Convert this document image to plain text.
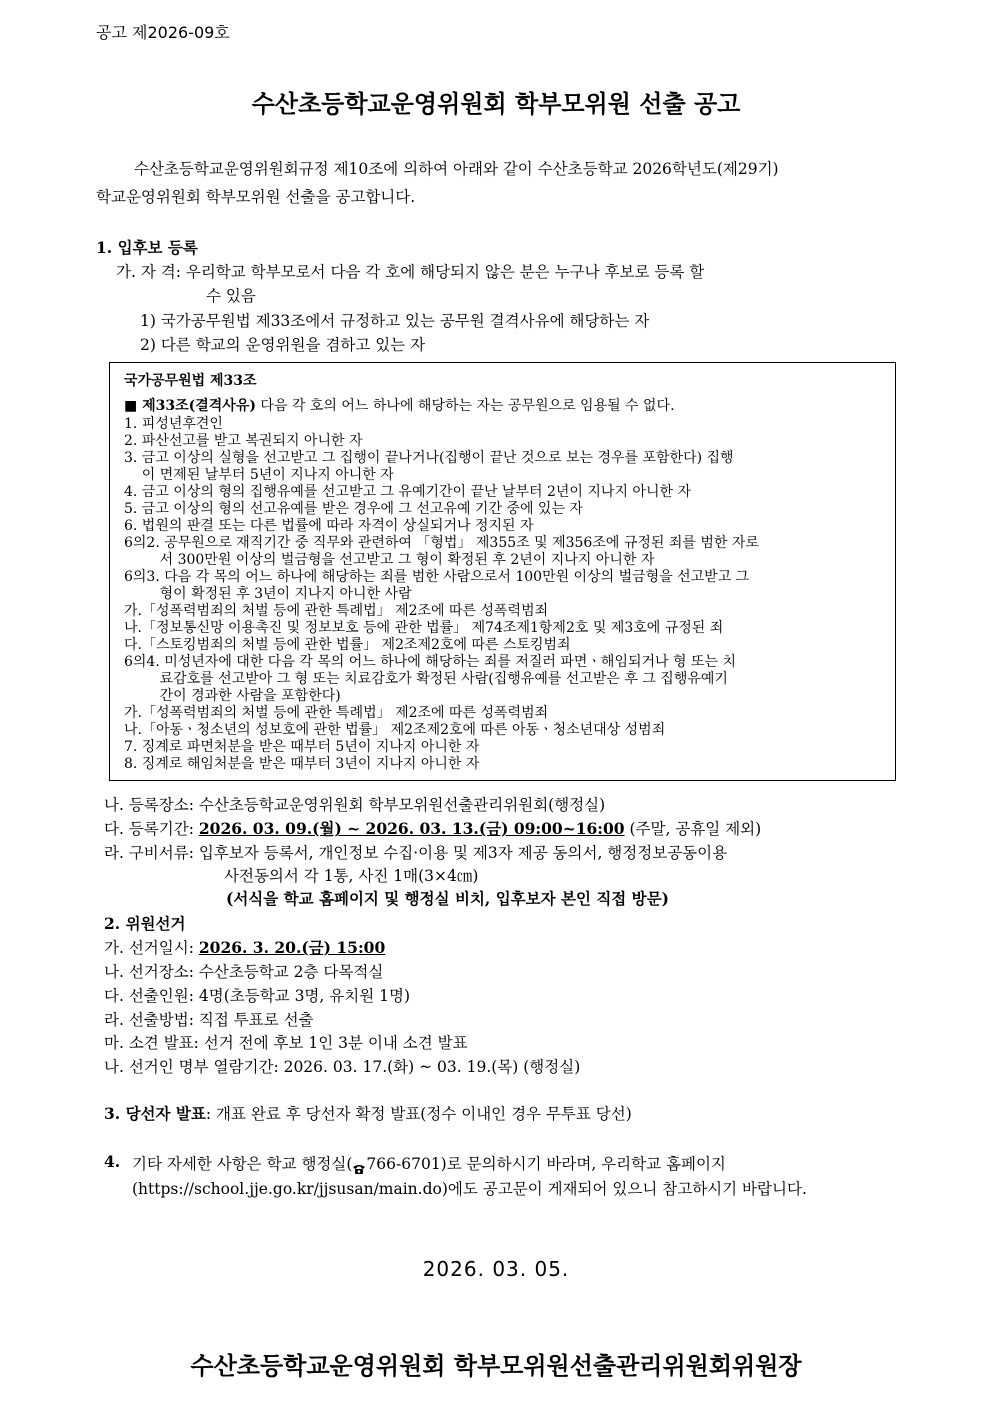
공고 제2026-09호
수산초등학교운영위원회 학부모위원 선출 공고
수산초등학교운영위원회규정 제10조에 의하여 아래와 같이 수산초등학교 2026학년도(제29기)
학교운영위원회 학부모위원 선출을 공고합니다.
1. 입후보 등록
가. 자 격: 우리학교 학부모로서 다음 각 호에 해당되지 않은 분은 누구나 후보로 등록 할
수 있음
1) 국가공무원법 제33조에서 규정하고 있는 공무원 결격사유에 해당하는 자
2) 다른 학교의 운영위원을 겸하고 있는 자
국가공무원법 제33조
■ 제33조(결격사유) 다음 각 호의 어느 하나에 해당하는 자는 공무원으로 임용될 수 없다.
1. 피성년후견인
2. 파산선고를 받고 복권되지 아니한 자
3. 금고 이상의 실형을 선고받고 그 집행이 끝나거나(집행이 끝난 것으로 보는 경우를 포함한다) 집행
이 면제된 날부터 5년이 지나지 아니한 자
4. 금고 이상의 형의 집행유예를 선고받고 그 유예기간이 끝난 날부터 2년이 지나지 아니한 자
5. 금고 이상의 형의 선고유예를 받은 경우에 그 선고유예 기간 중에 있는 자
6. 법원의 판결 또는 다른 법률에 따라 자격이 상실되거나 정지된 자
6의2. 공무원으로 재직기간 중 직무와 관련하여 「형법」 제355조 및 제356조에 규정된 죄를 범한 자로
서 300만원 이상의 벌금형을 선고받고 그 형이 확정된 후 2년이 지나지 아니한 자
6의3. 다음 각 목의 어느 하나에 해당하는 죄를 범한 사람으로서 100만원 이상의 벌금형을 선고받고 그
형이 확정된 후 3년이 지나지 아니한 사람
가.「성폭력범죄의 처벌 등에 관한 특례법」 제2조에 따른 성폭력범죄
나.「정보통신망 이용촉진 및 정보보호 등에 관한 법률」 제74조제1항제2호 및 제3호에 규정된 죄
다.「스토킹범죄의 처벌 등에 관한 법률」 제2조제2호에 따른 스토킹범죄
6의4. 미성년자에 대한 다음 각 목의 어느 하나에 해당하는 죄를 저질러 파면ㆍ해임되거나 형 또는 치
료감호를 선고받아 그 형 또는 치료감호가 확정된 사람(집행유예를 선고받은 후 그 집행유예기
간이 경과한 사람을 포함한다)
가.「성폭력범죄의 처벌 등에 관한 특례법」 제2조에 따른 성폭력범죄
나.「아동ㆍ청소년의 성보호에 관한 법률」 제2조제2호에 따른 아동ㆍ청소년대상 성범죄
7. 징계로 파면처분을 받은 때부터 5년이 지나지 아니한 자
8. 징계로 해임처분을 받은 때부터 3년이 지나지 아니한 자
나. 등록장소: 수산초등학교운영위원회 학부모위원선출관리위원회(행정실)
다. 등록기간: 2026. 03. 09.(월) ~ 2026. 03. 13.(금) 09:00~16:00 (주말, 공휴일 제외)
라. 구비서류: 입후보자 등록서, 개인정보 수집·이용 및 제3자 제공 동의서, 행정정보공동이용
사전동의서 각 1통, 사진 1매(3×4㎝)
(서식을 학교 홈페이지 및 행정실 비치, 입후보자 본인 직접 방문)
2. 위원선거
가. 선거일시: 2026. 3. 20.(금) 15:00
나. 선거장소: 수산초등학교 2층 다목적실
다. 선출인원: 4명(초등학교 3명, 유치원 1명)
라. 선출방법: 직접 투표로 선출
마. 소견 발표: 선거 전에 후보 1인 3분 이내 소견 발표
나. 선거인 명부 열람기간: 2026. 03. 17.(화) ~ 03. 19.(목) (행정실)
3. 당선자 발표: 개표 완료 후 당선자 확정 발표(정수 이내인 경우 무투표 당선)
4. 기타 자세한 사항은 학교 행정실( 766-6701)로 문의하시기 바라며, 우리학교 홈페이지
(https://school.jje.go.kr/jjsusan/main.do)에도 공고문이 게재되어 있으니 참고하시기 바랍니다.
2026. 03. 05.
수산초등학교운영위원회 학부모위원선출관리위원회위원장
